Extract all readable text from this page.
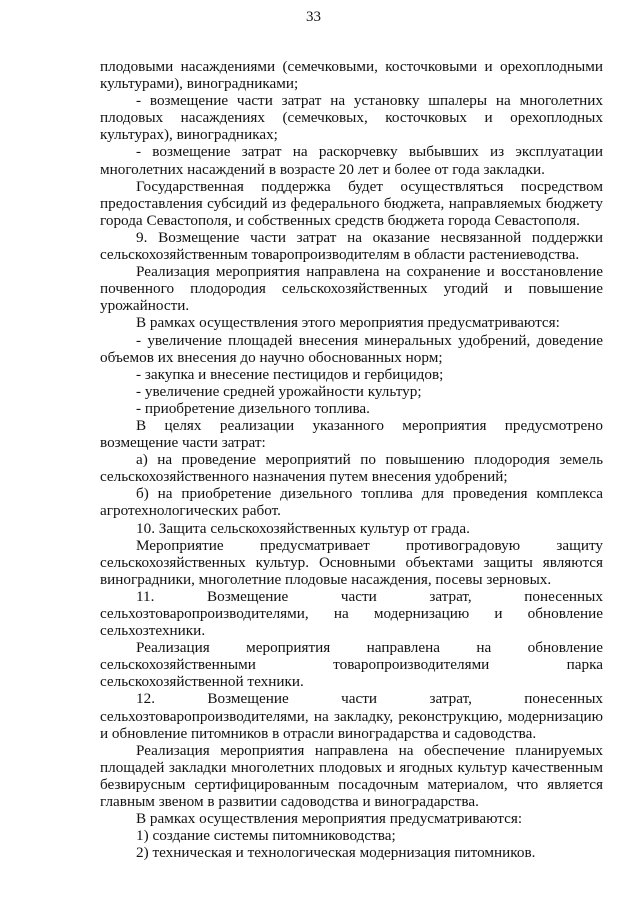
33

плодовыми насаждениями (семечковыми, косточковыми и орехоплодными культурами), виноградниками;

- возмещение части затрат на установку шпалеры на многолетних плодовых насаждениях (семечковых, косточковых и орехоплодных культурах), виноградниках;

- возмещение затрат на раскорчевку выбывших из эксплуатации многолетних насаждений в возрасте 20 лет и более от года закладки.

Государственная поддержка будет осуществляться посредством предоставления субсидий из федерального бюджета, направляемых бюджету города Севастополя, и собственных средств бюджета города Севастополя.

9. Возмещение части затрат на оказание несвязанной поддержки сельскохозяйственным товаропроизводителям в области растениеводства.

Реализация мероприятия направлена на сохранение и восстановление почвенного плодородия сельскохозяйственных угодий и повышение урожайности.

В рамках осуществления этого мероприятия предусматриваются:

- увеличение площадей внесения минеральных удобрений, доведение объемов их внесения до научно обоснованных норм;

- закупка и внесение пестицидов и гербицидов;

- увеличение средней урожайности культур;

- приобретение дизельного топлива.

В целях реализации указанного мероприятия предусмотрено возмещение части затрат:

а) на проведение мероприятий по повышению плодородия земель сельскохозяйственного назначения путем внесения удобрений;

б) на приобретение дизельного топлива для проведения комплекса агротехнологических работ.

10. Защита сельскохозяйственных культур от града.

Мероприятие предусматривает противоградовую защиту сельскохозяйственных культур. Основными объектами защиты являются виноградники, многолетние плодовые насаждения, посевы зерновых.

11. Возмещение части затрат, понесенных сельхозтоваропроизводителями, на модернизацию и обновление сельхозтехники.

Реализация мероприятия направлена на обновление сельскохозяйственными товаропроизводителями парка сельскохозяйственной техники.

12. Возмещение части затрат, понесенных сельхозтоваропроизводителями, на закладку, реконструкцию, модернизацию и обновление питомников в отрасли виноградарства и садоводства.

Реализация мероприятия направлена на обеспечение планируемых площадей закладки многолетних плодовых и ягодных культур качественным безвирусным сертифицированным посадочным материалом, что является главным звеном в развитии садоводства и виноградарства.

В рамках осуществления мероприятия предусматриваются:

1) создание системы питомниководства;

2) техническая и технологическая модернизация питомников.
